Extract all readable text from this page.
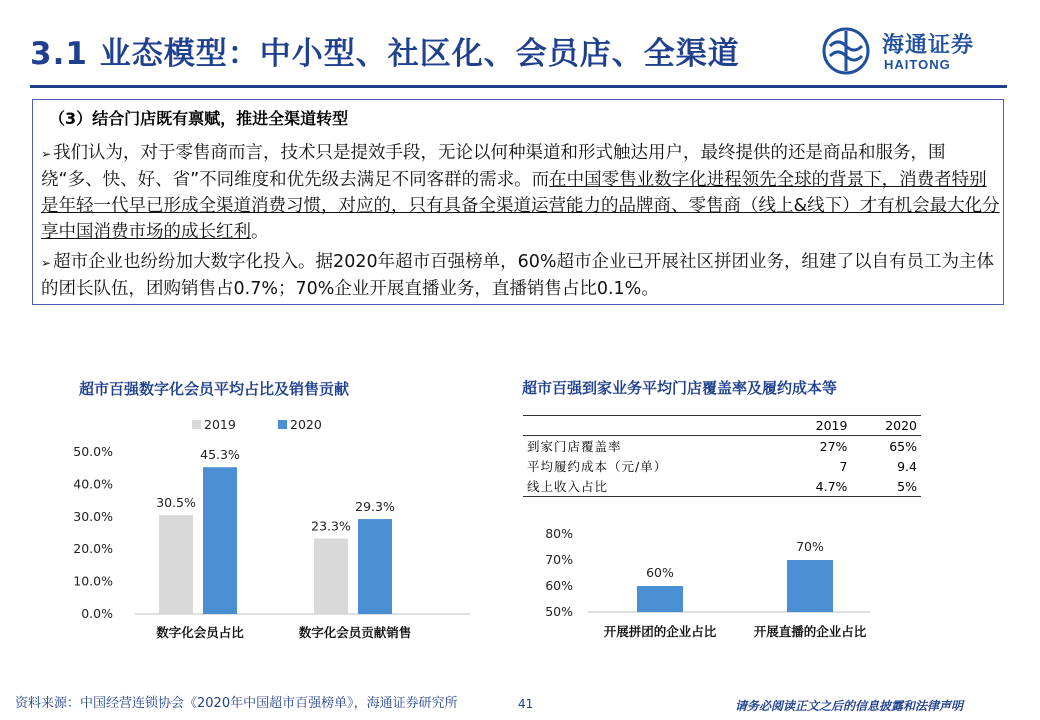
3.1 业态模型：中小型、社区化、会员店、全渠道	海通证券
HAITONG
（3）结合门店既有禀赋，推进全渠道转型
➢ 我们认为，对于零售商而言，技术只是提效手段，无论以何种渠道和形式触达用户，最终提供的还是商品和服务，围绕“多、快、好、省”不同维度和优先级去满足不同客群的需求。而在中国零售业数字化进程领先全球的背景下，消费者特别是年轻一代早已形成全渠道消费习惯，对应的，只有具备全渠道运营能力的品牌商、零售商（线上&线下）才有机会最大化分享中国消费市场的成长红利。
➢ 超市企业也纷纷加大数字化投入。据2020年超市百强榜单，60%超市企业已开展社区拼团业务，组建了以自有员工为主体的团长队伍，团购销售占0.7%；70%企业开展直播业务，直播销售占比0.1%。
超市百强数字化会员平均占比及销售贡献	超市百强到家业务平均门店覆盖率及履约成本等
	2019	2020
到家门店覆盖率	27%	65%
平均履约成本（元/单）	7	9.4
线上收入占比	4.7%	5%
0.0%
10.0%
20.0%
30.0%
40.0%
50.0%
2019	2020
30.5%
45.3%
数字化会员占比
23.3%
29.3%
数字化会员贡献销售
50%
60%
70%
80%
60%
开展拼团的企业占比
70%
开展直播的企业占比
资料来源：中国经营连锁协会《2020年中国超市百强榜单》，海通证券研究所	41	请务必阅读正文之后的信息披露和法律声明
